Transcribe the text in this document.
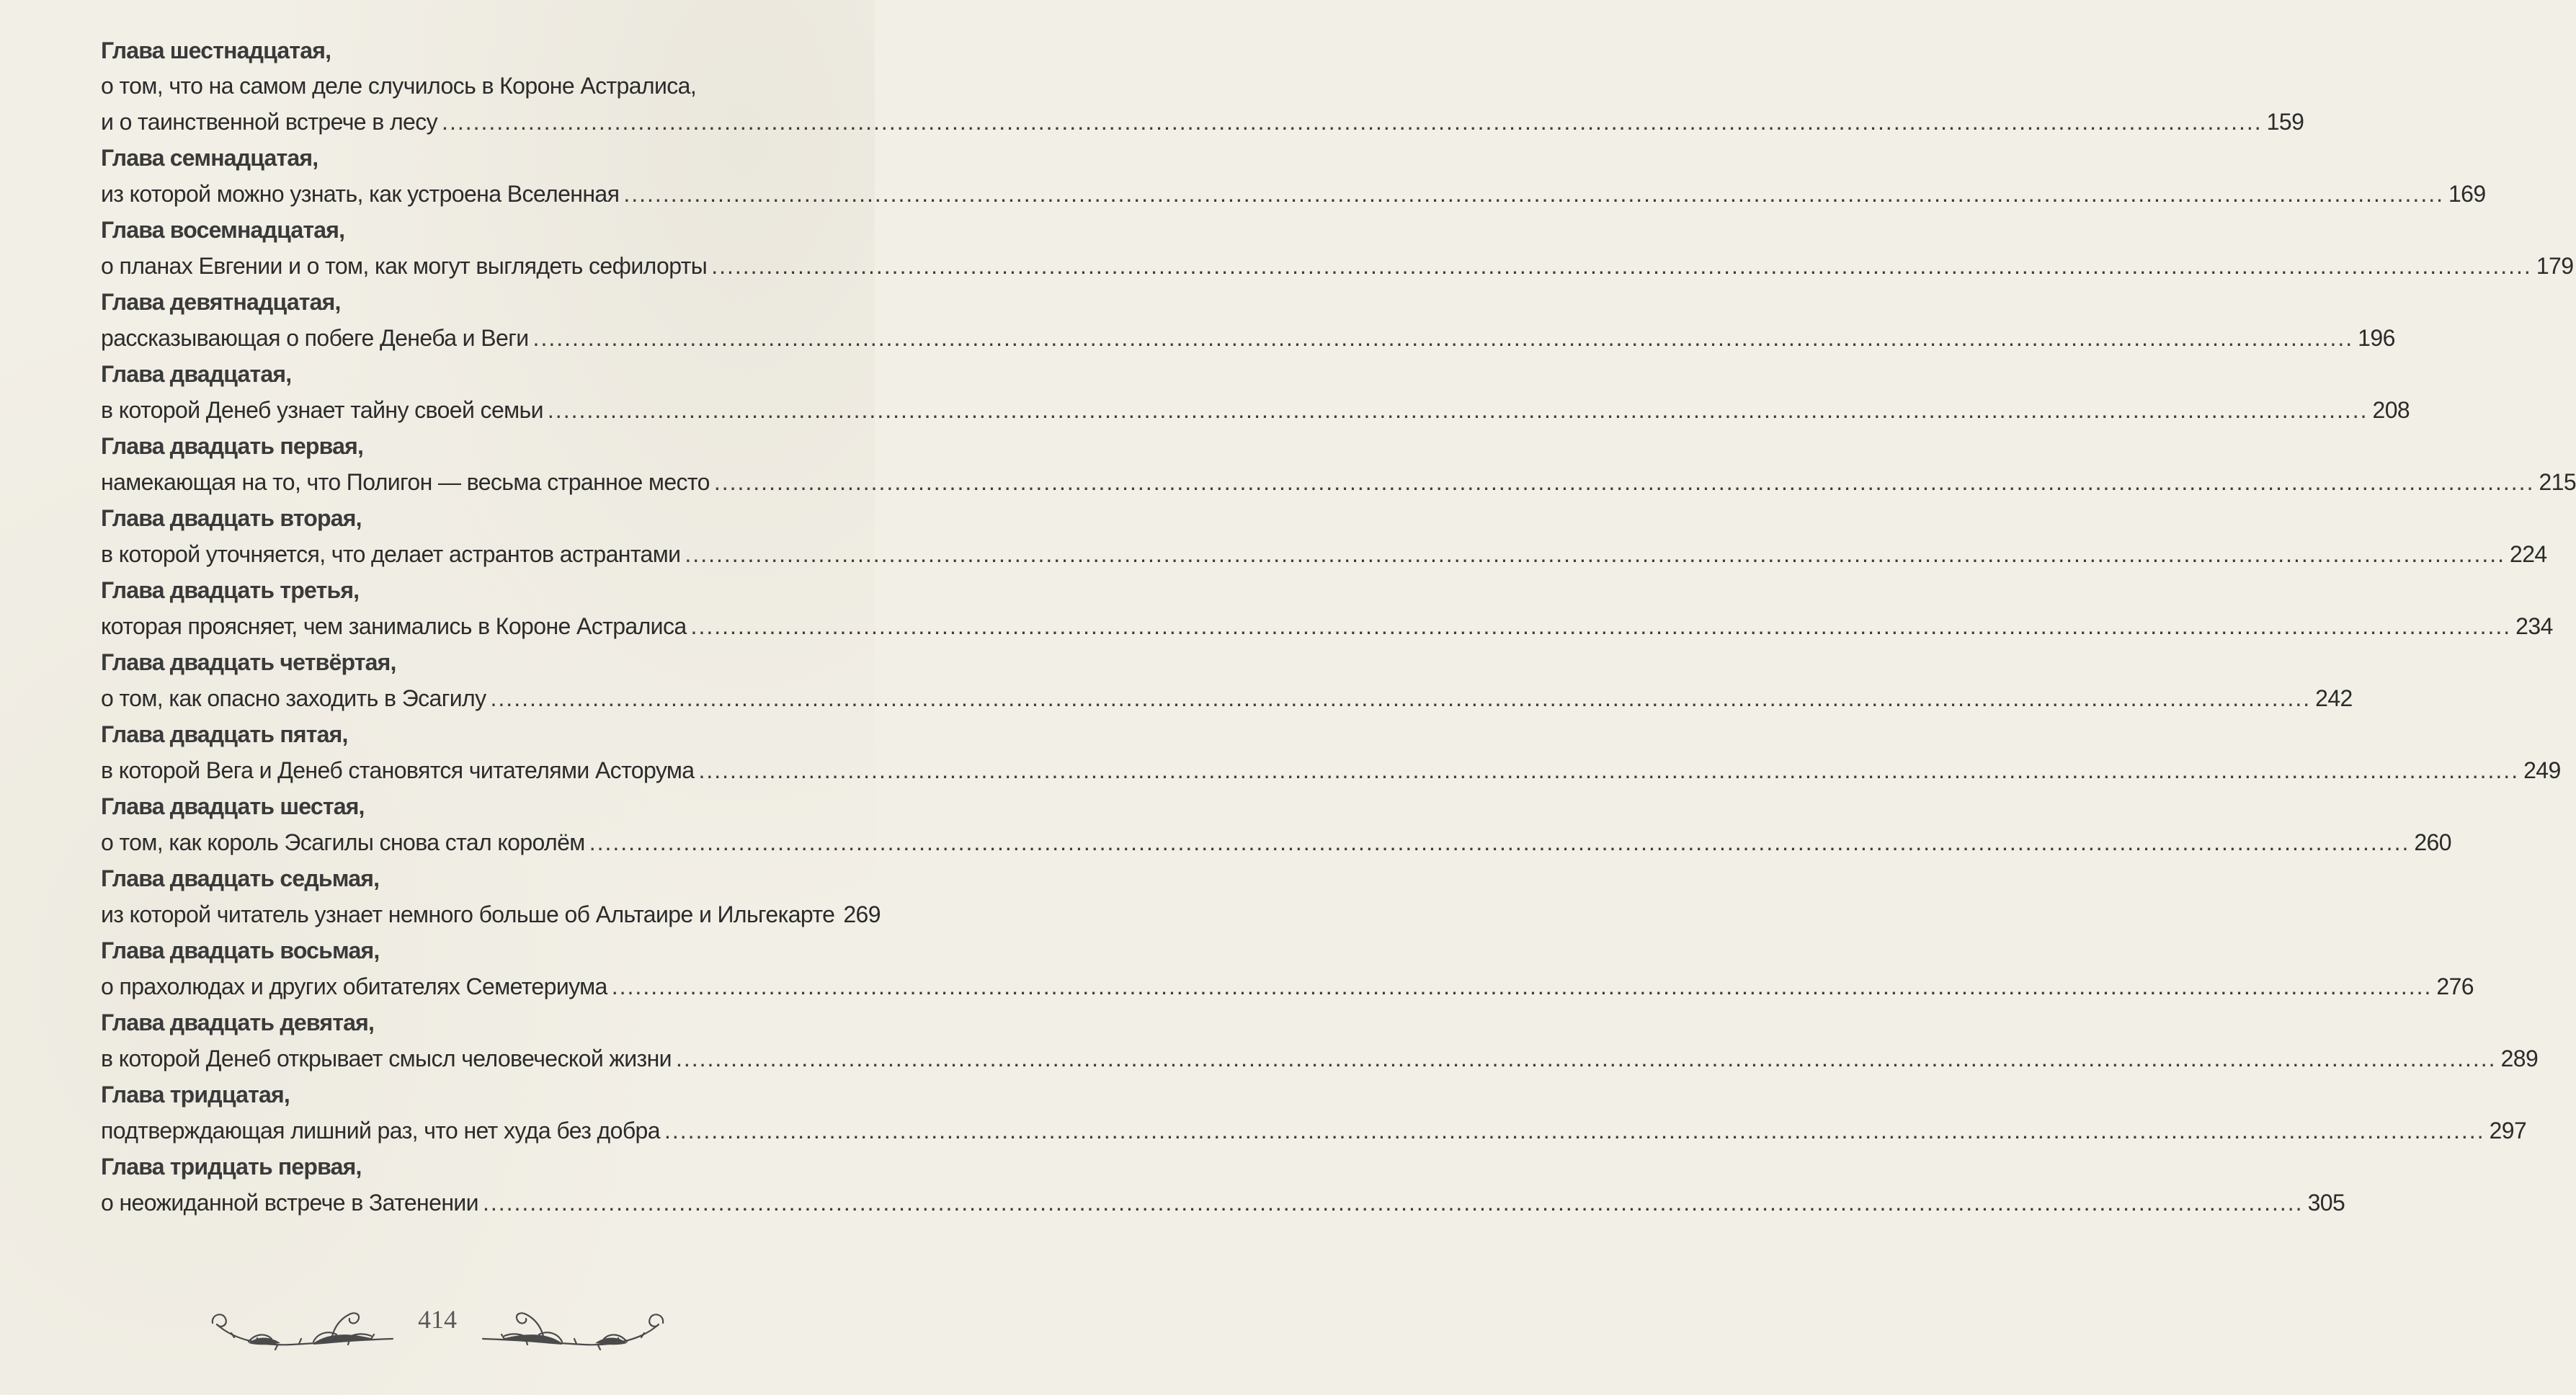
Глава шестнадцатая,
о том, что на самом деле случилось в Короне Астралиса,
и о таинственной встрече в лесу .....	159
Глава семнадцатая,
из которой можно узнать, как устроена Вселенная .....	169
Глава восемнадцатая,
о планах Евгении и о том, как могут выглядеть сефилорты .....	179
Глава девятнадцатая,
рассказывающая о побеге Денеба и Веги .....	196
Глава двадцатая,
в которой Денеб узнает тайну своей семьи .....	208
Глава двадцать первая,
намекающая на то, что Полигон — весьма странное место .....	215
Глава двадцать вторая,
в которой уточняется, что делает астрантов астрантами .....	224
Глава двадцать третья,
которая проясняет, чем занимались в Короне Астралиса .....	234
Глава двадцать четвёртая,
о том, как опасно заходить в Эсагилу .....	242
Глава двадцать пятая,
в которой Вега и Денеб становятся читателями Асторума .....	249
Глава двадцать шестая,
о том, как король Эсагилы снова стал королём .....	260
Глава двадцать седьмая,
из которой читатель узнает немного больше об Альтаире и Ильгекарте 269
Глава двадцать восьмая,
о прахолюдах и других обитателях Семетериума .....	276
Глава двадцать девятая,
в которой Денеб открывает смысл человеческой жизни .....	289
Глава тридцатая,
подтверждающая лишний раз, что нет худа без добра .....	297
Глава тридцать первая,
о неожиданной встрече в Затенении .....	305
414
